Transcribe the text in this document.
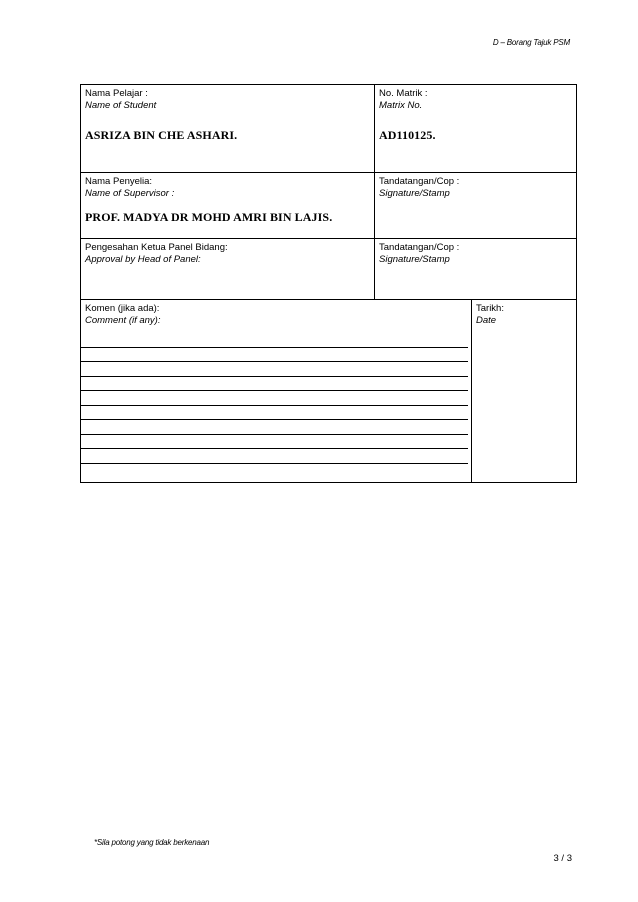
D – Borang Tajuk PSM
Nama Pelajar :
Name of Student
ASRIZA BIN CHE ASHARI.
No. Matrik :
Matrix No.
AD110125.
Nama Penyelia:
Name of Supervisor :
PROF. MADYA DR MOHD AMRI BIN LAJIS.
Tandatangan/Cop :
Signature/Stamp
Pengesahan Ketua Panel Bidang:
Approval by Head of Panel:
Tandatangan/Cop :
Signature/Stamp
Komen (jika ada):
Comment (if any):
Tarikh:
Date
*Sila potong yang tidak berkenaan
3 / 3
